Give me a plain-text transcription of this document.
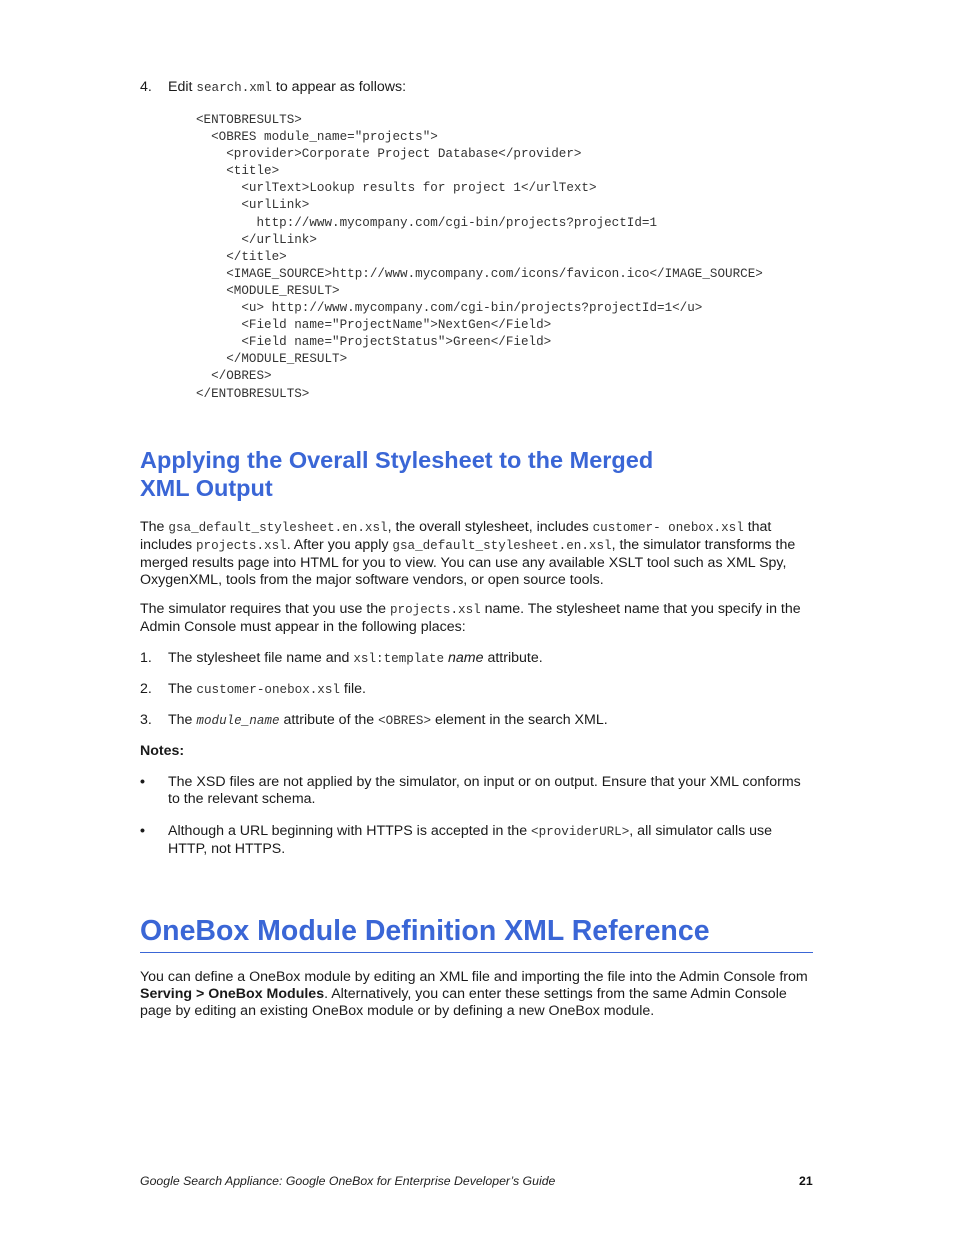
4. Edit search.xml to appear as follows:
<ENTOBRESULTS>
<OBRES module_name="projects">
<provider>Corporate Project Database</provider>
<title>
<urlText>Lookup results for project 1</urlText>
<urlLink>
http://www.mycompany.com/cgi-bin/projects?projectId=1
</urlLink>
</title>
<IMAGE_SOURCE>http://www.mycompany.com/icons/favicon.ico</IMAGE_SOURCE>
<MODULE_RESULT>
<u> http://www.mycompany.com/cgi-bin/projects?projectId=1</u>
<Field name="ProjectName">NextGen</Field>
<Field name="ProjectStatus">Green</Field>
</MODULE_RESULT>
</OBRES>
</ENTOBRESULTS>
Applying the Overall Stylesheet to the Merged
XML Output

The gsa_default_stylesheet.en.xsl, the overall stylesheet, includes customer- onebox.xsl that includes projects.xsl. After you apply gsa_default_stylesheet.en.xsl, the simulator transforms the merged results page into HTML for you to view. You can use any available XSLT tool such as XML Spy, OxygenXML, tools from the major software vendors, or open source tools.

The simulator requires that you use the projects.xsl name. The stylesheet name that you specify in the Admin Console must appear in the following places:

1. The stylesheet file name and xsl:template name attribute.
2. The customer-onebox.xsl file.
3. The module_name attribute of the <OBRES> element in the search XML.
Notes:
• The XSD files are not applied by the simulator, on input or on output. Ensure that your XML conforms to the relevant schema.
• Although a URL beginning with HTTPS is accepted in the <providerURL>, all simulator calls use HTTP, not HTTPS.
OneBox Module Definition XML Reference

You can define a OneBox module by editing an XML file and importing the file into the Admin Console from Serving > OneBox Modules. Alternatively, you can enter these settings from the same Admin Console page by editing an existing OneBox module or by defining a new OneBox module.

Google Search Appliance: Google OneBox for Enterprise Developer’s Guide	21
